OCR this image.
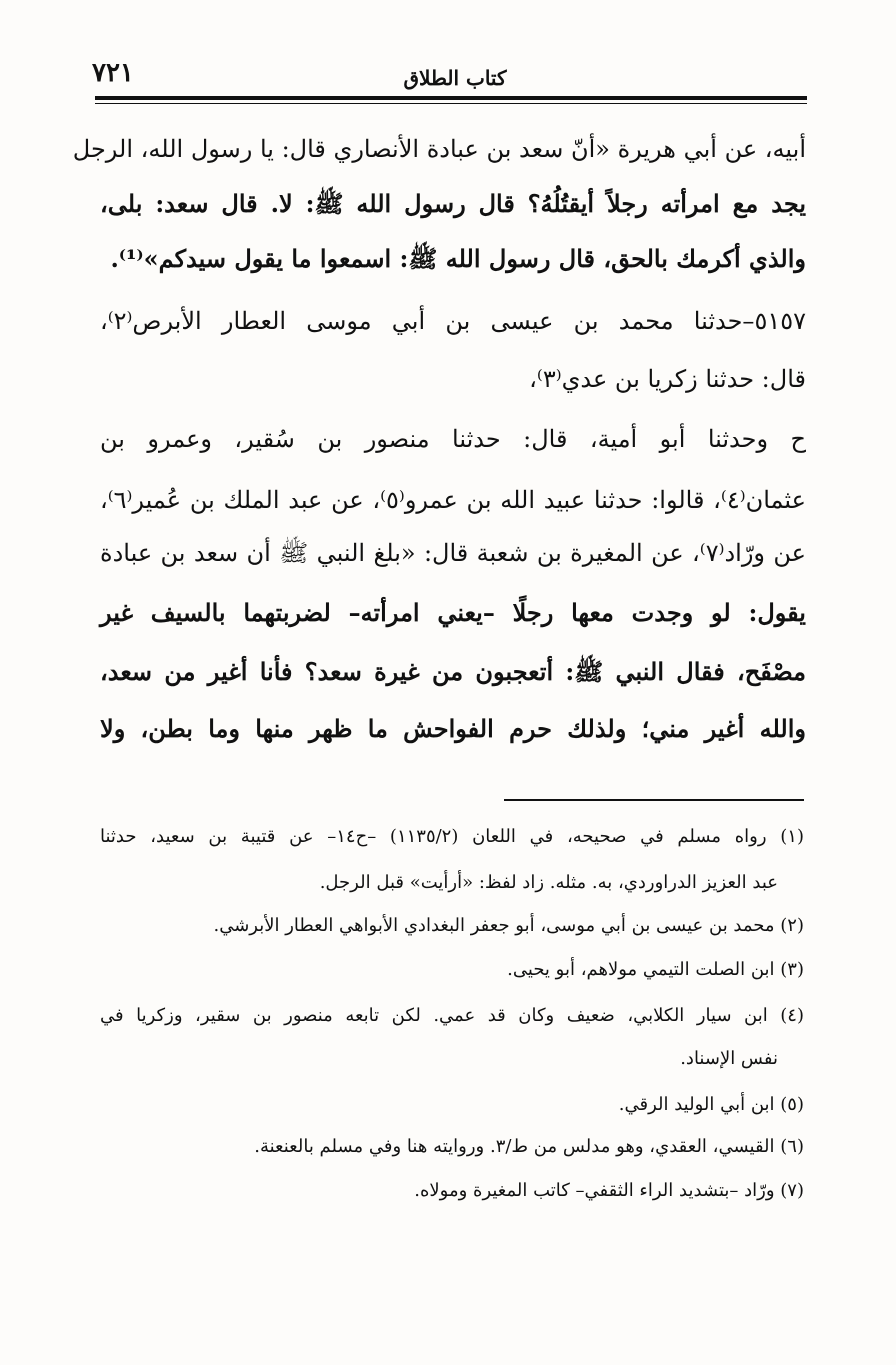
٧٢١	كتاب الطلاق
أبيه، عن أبي هريرة «أنّ سعد بن عبادة الأنصاري قال: يا رسول الله، الرجل
يجد مع امرأته رجلاً أيقتُلُهُ؟ قال رسول الله ﷺ: لا. قال سعد: بلى،
والذي أكرمك بالحق، قال رسول الله ﷺ: اسمعوا ما يقول سيدكم»⁽¹⁾.
٥١٥٧–حدثنا محمد بن عيسى بن أبي موسى العطار الأبرص⁽٢⁾،
قال: حدثنا زكريا بن عدي⁽٣⁾،
ح وحدثنا أبو أمية، قال: حدثنا منصور بن سُقير، وعمرو بن
عثمان⁽٤⁾، قالوا: حدثنا عبيد الله بن عمرو⁽٥⁾، عن عبد الملك بن عُمير⁽٦⁾،
عن ورّاد⁽٧⁾، عن المغيرة بن شعبة قال: «بلغ النبي ﷺ أن سعد بن عبادة
يقول: لو وجدت معها رجلًا –يعني امرأته– لضربتهما بالسيف غير
مصْفَح، فقال النبي ﷺ: أتعجبون من غيرة سعد؟ فأنا أغير من سعد،
والله أغير مني؛ ولذلك حرم الفواحش ما ظهر منها وما بطن، ولا
(١) رواه مسلم في صحيحه، في اللعان (١١٣٥/٢) –ح١٤– عن قتيبة بن سعيد، حدثنا
عبد العزيز الدراوردي، به. مثله. زاد لفظ: «أرأيت» قبل الرجل.
(٢) محمد بن عيسى بن أبي موسى، أبو جعفر البغدادي الأبواهي العطار الأبرشي.
(٣) ابن الصلت التيمي مولاهم، أبو يحيى.
(٤) ابن سيار الكلابي، ضعيف وكان قد عمي. لكن تابعه منصور بن سقير، وزكريا في
نفس الإسناد.
(٥) ابن أبي الوليد الرقي.
(٦) القيسي، العقدي، وهو مدلس من ط/٣. وروايته هنا وفي مسلم بالعنعنة.
(٧) ورّاد –بتشديد الراء الثقفي– كاتب المغيرة ومولاه.
